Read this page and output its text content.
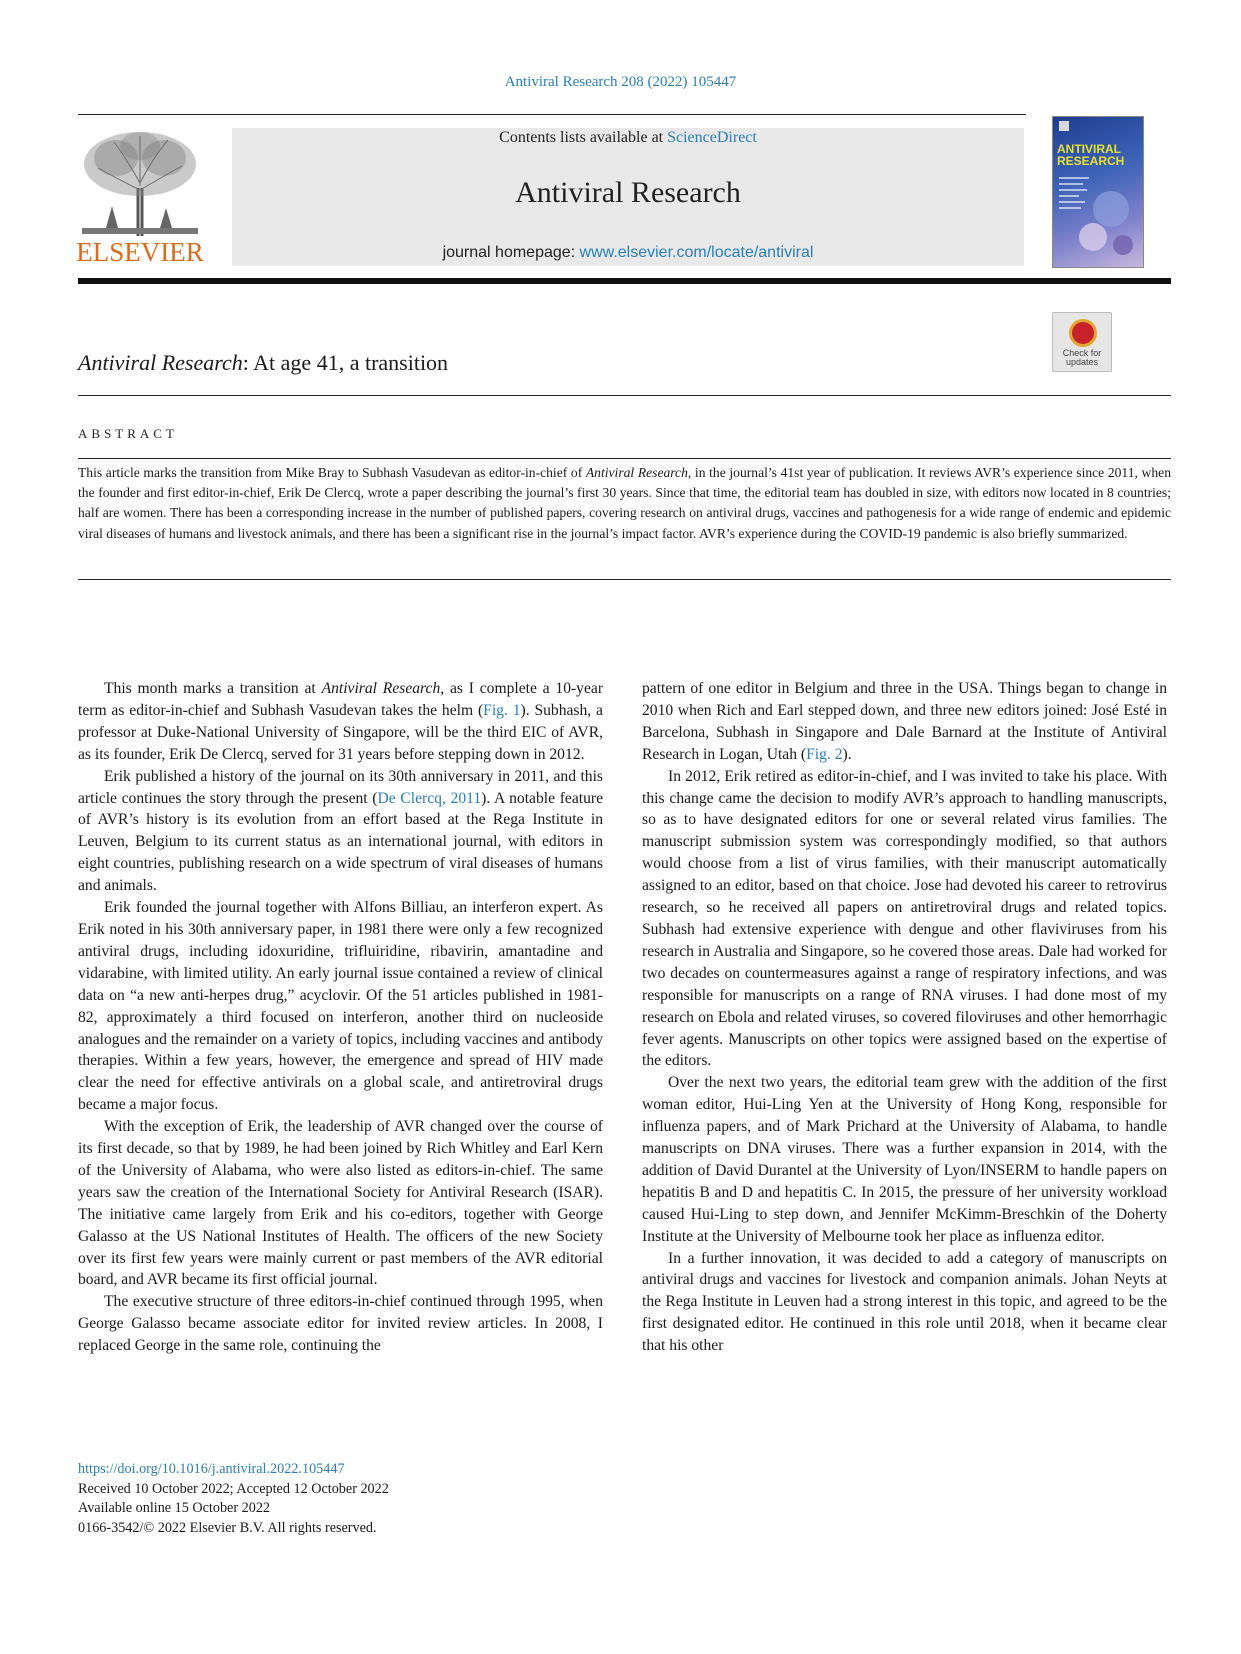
Antiviral Research 208 (2022) 105447
ELSEVIER
Contents lists available at ScienceDirect
Antiviral Research
journal homepage: www.elsevier.com/locate/antiviral
ANTIVIRAL
RESEARCH
Check for
updates
Antiviral Research: At age 41, a transition
ABSTRACT
This article marks the transition from Mike Bray to Subhash Vasudevan as editor-in-chief of Antiviral Research, in the journal’s 41st year of publication. It reviews AVR’s experience since 2011, when the founder and first editor-in-chief, Erik De Clercq, wrote a paper describing the journal’s first 30 years. Since that time, the editorial team has doubled in size, with editors now located in 8 countries; half are women. There has been a corresponding increase in the number of published papers, covering research on antiviral drugs, vaccines and pathogenesis for a wide range of endemic and epidemic viral diseases of humans and livestock animals, and there has been a significant rise in the journal’s impact factor. AVR’s experience during the COVID-19 pandemic is also briefly summarized.

This month marks a transition at Antiviral Research, as I complete a 10-year term as editor-in-chief and Subhash Vasudevan takes the helm (Fig. 1). Subhash, a professor at Duke-National University of Singapore, will be the third EIC of AVR, as its founder, Erik De Clercq, served for 31 years before stepping down in 2012.

Erik published a history of the journal on its 30th anniversary in 2011, and this article continues the story through the present (De Clercq, 2011). A notable feature of AVR’s history is its evolution from an effort based at the Rega Institute in Leuven, Belgium to its current status as an international journal, with editors in eight countries, publishing research on a wide spectrum of viral diseases of humans and animals.

Erik founded the journal together with Alfons Billiau, an interferon expert. As Erik noted in his 30th anniversary paper, in 1981 there were only a few recognized antiviral drugs, including idoxuridine, trifluiridine, ribavirin, amantadine and vidarabine, with limited utility. An early journal issue contained a review of clinical data on “a new anti-herpes drug,” acyclovir. Of the 51 articles published in 1981-82, approximately a third focused on interferon, another third on nucleoside analogues and the remainder on a variety of topics, including vaccines and antibody therapies. Within a few years, however, the emergence and spread of HIV made clear the need for effective antivirals on a global scale, and antiretroviral drugs became a major focus.

With the exception of Erik, the leadership of AVR changed over the course of its first decade, so that by 1989, he had been joined by Rich Whitley and Earl Kern of the University of Alabama, who were also listed as editors-in-chief. The same years saw the creation of the International Society for Antiviral Research (ISAR). The initiative came largely from Erik and his co-editors, together with George Galasso at the US National Institutes of Health. The officers of the new Society over its first few years were mainly current or past members of the AVR editorial board, and AVR became its first official journal.

The executive structure of three editors-in-chief continued through 1995, when George Galasso became associate editor for invited review articles. In 2008, I replaced George in the same role, continuing the

pattern of one editor in Belgium and three in the USA. Things began to change in 2010 when Rich and Earl stepped down, and three new editors joined: José Esté in Barcelona, Subhash in Singapore and Dale Barnard at the Institute of Antiviral Research in Logan, Utah (Fig. 2).

In 2012, Erik retired as editor-in-chief, and I was invited to take his place. With this change came the decision to modify AVR’s approach to handling manuscripts, so as to have designated editors for one or several related virus families. The manuscript submission system was correspondingly modified, so that authors would choose from a list of virus families, with their manuscript automatically assigned to an editor, based on that choice. Jose had devoted his career to retrovirus research, so he received all papers on antiretroviral drugs and related topics. Subhash had extensive experience with dengue and other flaviviruses from his research in Australia and Singapore, so he covered those areas. Dale had worked for two decades on countermeasures against a range of respiratory infections, and was responsible for manuscripts on a range of RNA viruses. I had done most of my research on Ebola and related viruses, so covered filoviruses and other hemorrhagic fever agents. Manuscripts on other topics were assigned based on the expertise of the editors.

Over the next two years, the editorial team grew with the addition of the first woman editor, Hui-Ling Yen at the University of Hong Kong, responsible for influenza papers, and of Mark Prichard at the University of Alabama, to handle manuscripts on DNA viruses. There was a further expansion in 2014, with the addition of David Durantel at the University of Lyon/INSERM to handle papers on hepatitis B and D and hepatitis C. In 2015, the pressure of her university workload caused Hui-Ling to step down, and Jennifer McKimm-Breschkin of the Doherty Institute at the University of Melbourne took her place as influenza editor.

In a further innovation, it was decided to add a category of manuscripts on antiviral drugs and vaccines for livestock and companion animals. Johan Neyts at the Rega Institute in Leuven had a strong interest in this topic, and agreed to be the first designated editor. He continued in this role until 2018, when it became clear that his other

https://doi.org/10.1016/j.antiviral.2022.105447
Received 10 October 2022; Accepted 12 October 2022
Available online 15 October 2022
0166-3542/© 2022 Elsevier B.V. All rights reserved.
